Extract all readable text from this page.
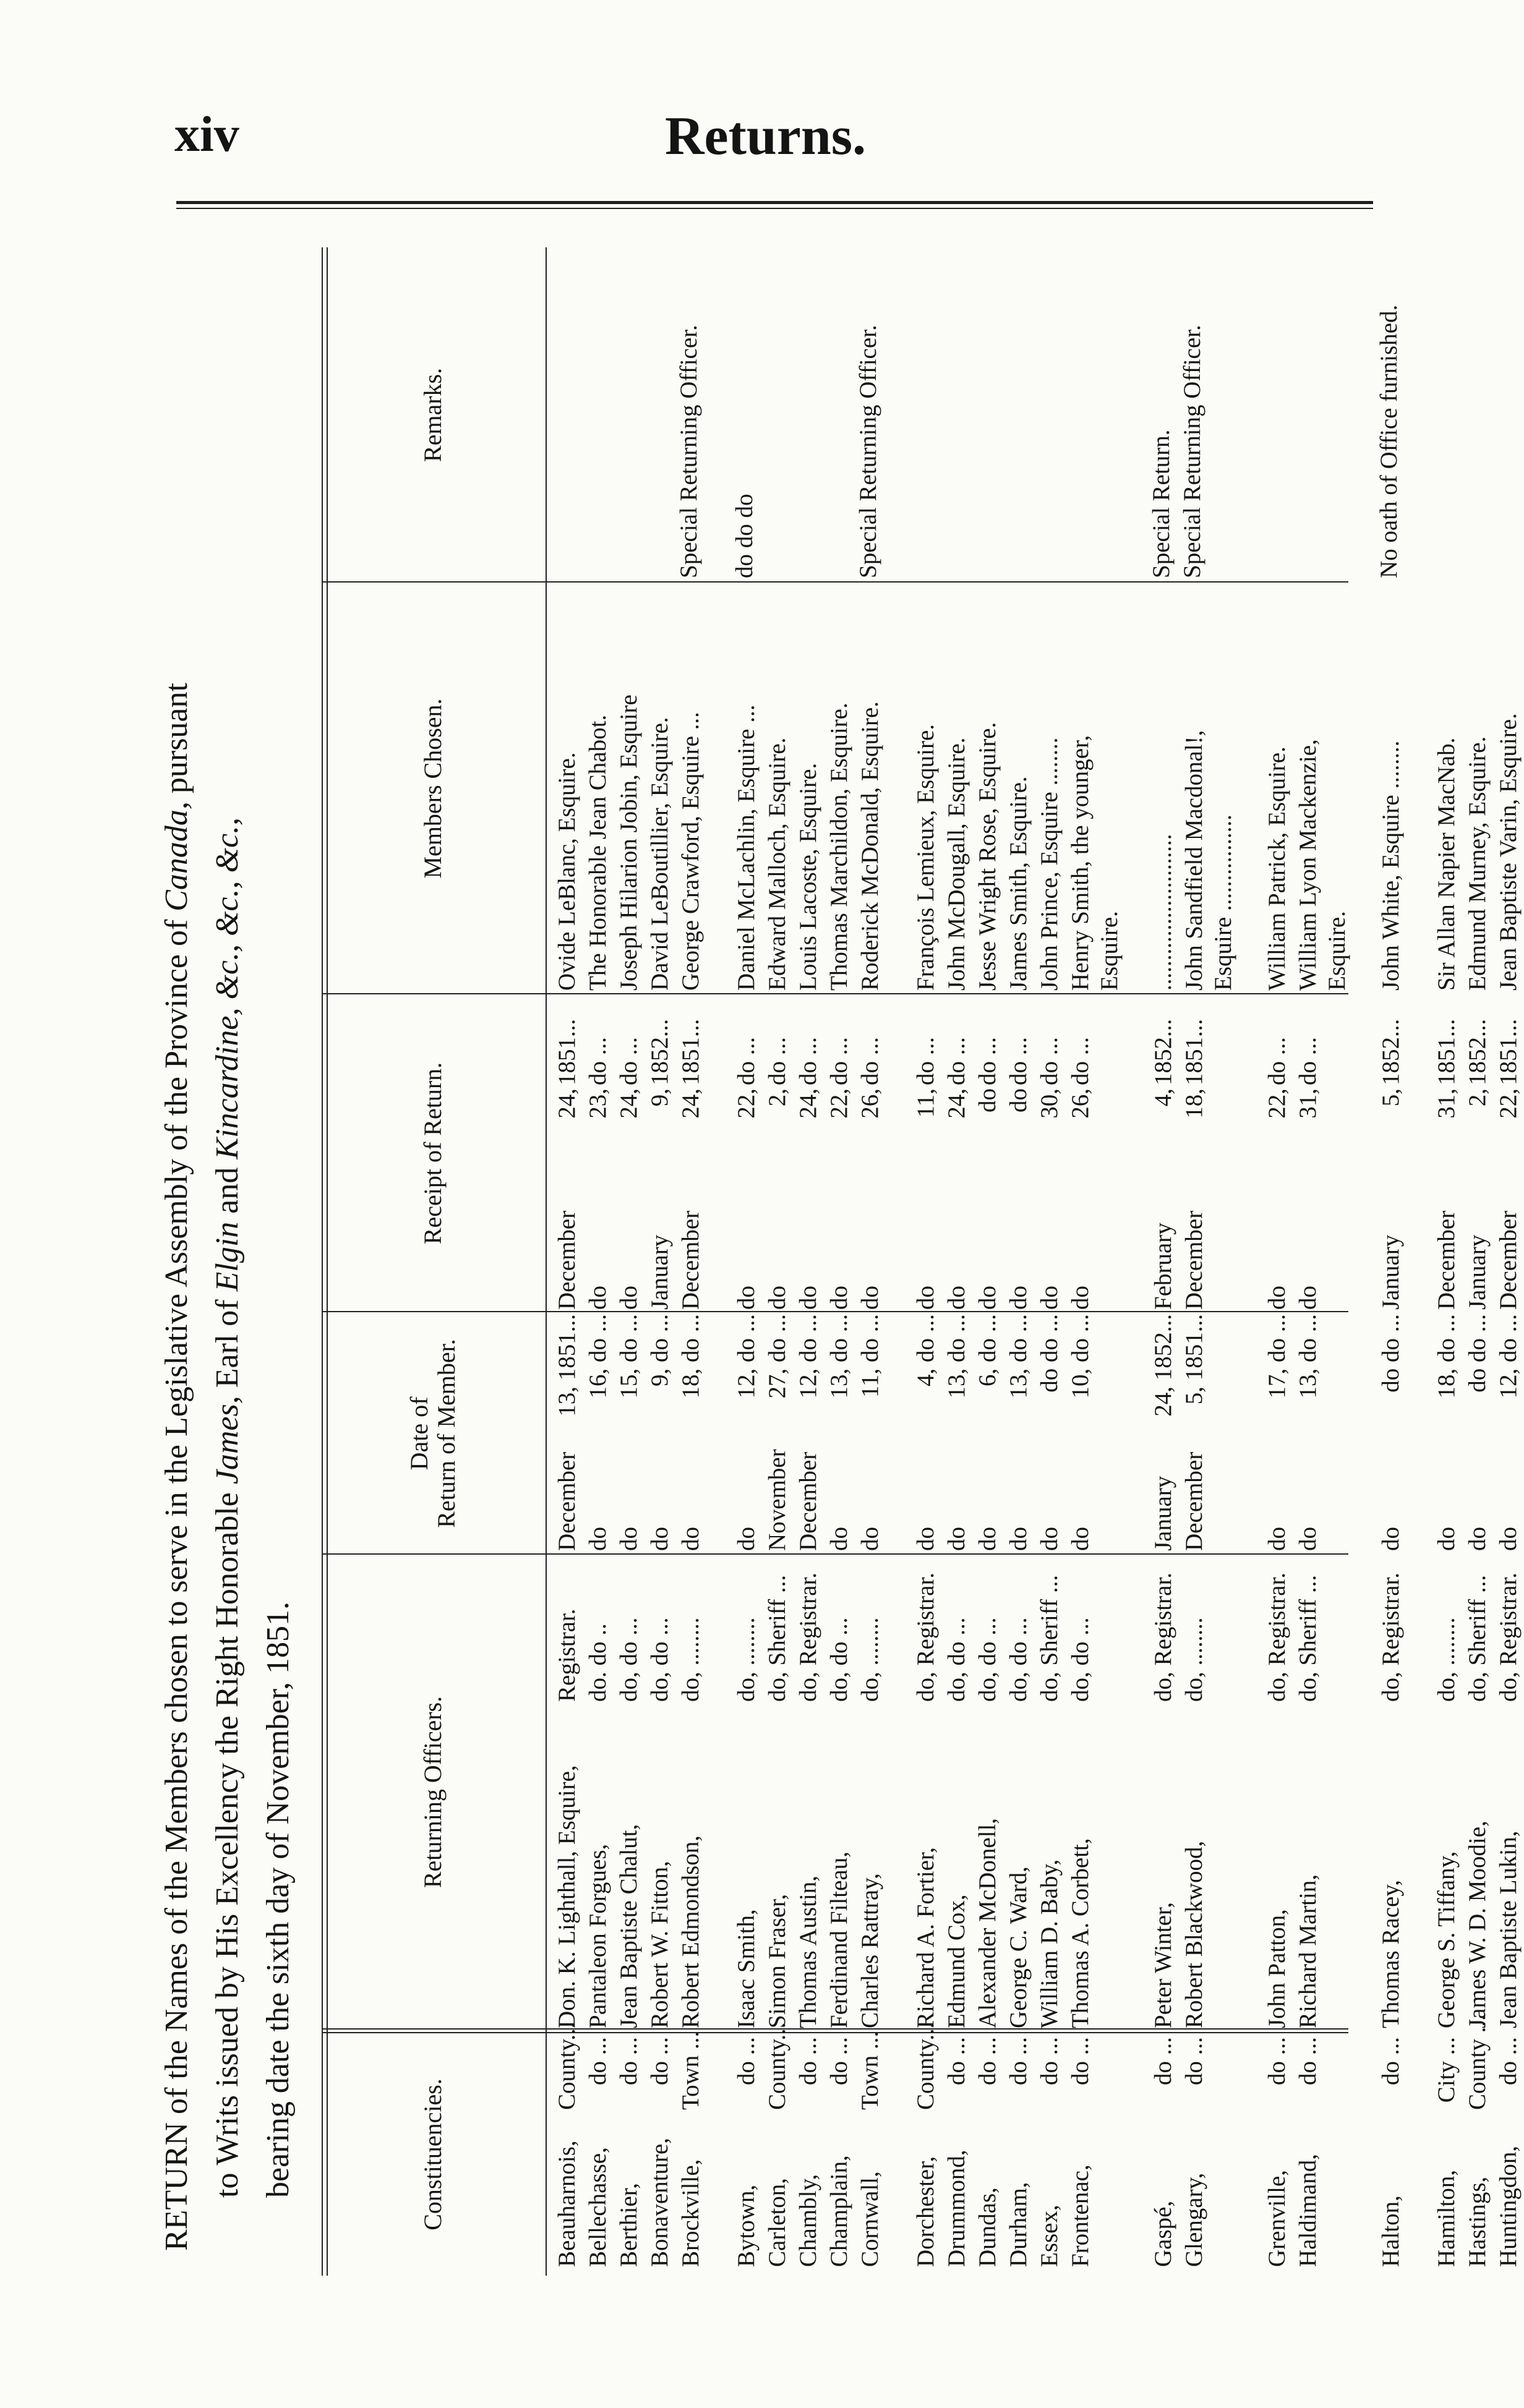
xiv	Returns.
RETURN of the Names of the Members chosen to serve in the Legislative Assembly of the Province of Canada, pursuant
to Writs issued by His Excellency the Right Honorable James, Earl of Elgin and Kincardine, &c., &c., &c.,
bearing date the sixth day of November, 1851.	Constituencies.
Returning Officers.
Date of Return of Member.
Receipt of Return.
Members Chosen.
Remarks.
Beauharnois,
County...
Don. K. Lighthall, Esquire,
Registrar.
December
13, 1851...
December
24,
1851...
Ovide LeBlanc, Esquire.
Bellechasse,
do ...
Pantaleon Forgues,
do. do ..
do
16, do ...
do
23,
do ...
The Honorable Jean Chabot.
Berthier,
do ...
Jean Baptiste Chalut,
do, do ...
do
15, do ...
do
24,
do ...
Joseph Hilarion Jobin, Esquire
Bonaventure,
do ...
Robert W. Fitton,
do, do ...
do
9, do ...
January
9,
1852...
David LeBoutillier, Esquire.
Brockville,
Town ...
Robert Edmondson,
do, ........
do
18, do ...
December
24,
1851...
George Crawford, Esquire ...
Special Returning Officer.
Bytown,
do ...
Isaac Smith,
do, ........
do
12, do ...
do
22,
do ...
Daniel McLachlin, Esquire ...
do do do
Carleton,
County...
Simon Fraser,
do, Sheriff ...
November
27, do ...
do
2,
do ...
Edward Malloch, Esquire.
Chambly,
do ...
Thomas Austin,
do, Registrar.
December
12, do ...
do
24,
do ...
Louis Lacoste, Esquire.
Champlain,
do ...
Ferdinand Filteau,
do, do ...
do
13, do ...
do
22,
do ...
Thomas Marchildon, Esquire.
Cornwall,
Town ...
Charles Rattray,
do, ........
do
11, do ...
do
26,
do ...
Roderick McDonald, Esquire.
Special Returning Officer.
Dorchester,
County...
Richard A. Fortier,
do, Registrar.
do
4, do ...
do
11,
do ...
François Lemieux, Esquire.
Drummond,
do ...
Edmund Cox,
do, do ...
do
13, do ...
do
24,
do ...
John McDougall, Esquire.
Dundas,
do ...
Alexander McDonell,
do, do ...
do
6, do ...
do
do
do ...
Jesse Wright Rose, Esquire.
Durham,
do ...
George C. Ward,
do, do ...
do
13, do ...
do
do
do ...
James Smith, Esquire.
Essex,
do ...
William D. Baby,
do, Sheriff ...
do
do do ...
do
30,
do ...
John Prince, Esquire ........
Frontenac,
do ...
Thomas A. Corbett,
do, do ...
do
10, do ...
do
26,
do ...
Henry Smith, the younger, Esquire.
Gaspé,
do ...
Peter Winter,
do, Registrar.
January
24, 1852...
February
4,
1852...
..........................
Special Return.
Glengary,
do ...
Robert Blackwood,
do, ........
December
5, 1851...
December
18,
1851...
John Sandfield Macdonal!,
Special Returning Officer.
Esquire ................
Grenville,
do ...
John Patton,
do, Registrar.
do
17, do ...
do
22,
do ...
William Patrick, Esquire.
Haldimand,
do ...
Richard Martin,
do, Sheriff ...
do
13, do ...
do
31,
do ...
William Lyon Mackenzie, Esquire.
Halton,
do ...
Thomas Racey,
do, Registrar.
do
do do ...
January
5,
1852...
John White, Esquire ........
No oath of Office furnished.
Hamilton,
City ...
George S. Tiffany,
do, ........
do
18, do ...
December
31,
1851...
Sir Allan Napier MacNab.
Hastings,
County ...
James W. D. Moodie,
do, Sheriff ...
do
do do ...
January
2,
1852...
Edmund Murney, Esquire.
Huntingdon,
do ...
Jean Baptiste Lukin,
do, Registrar.
do
12, do ...
December
22,
1851...
Jean Baptiste Varin, Esquire.
